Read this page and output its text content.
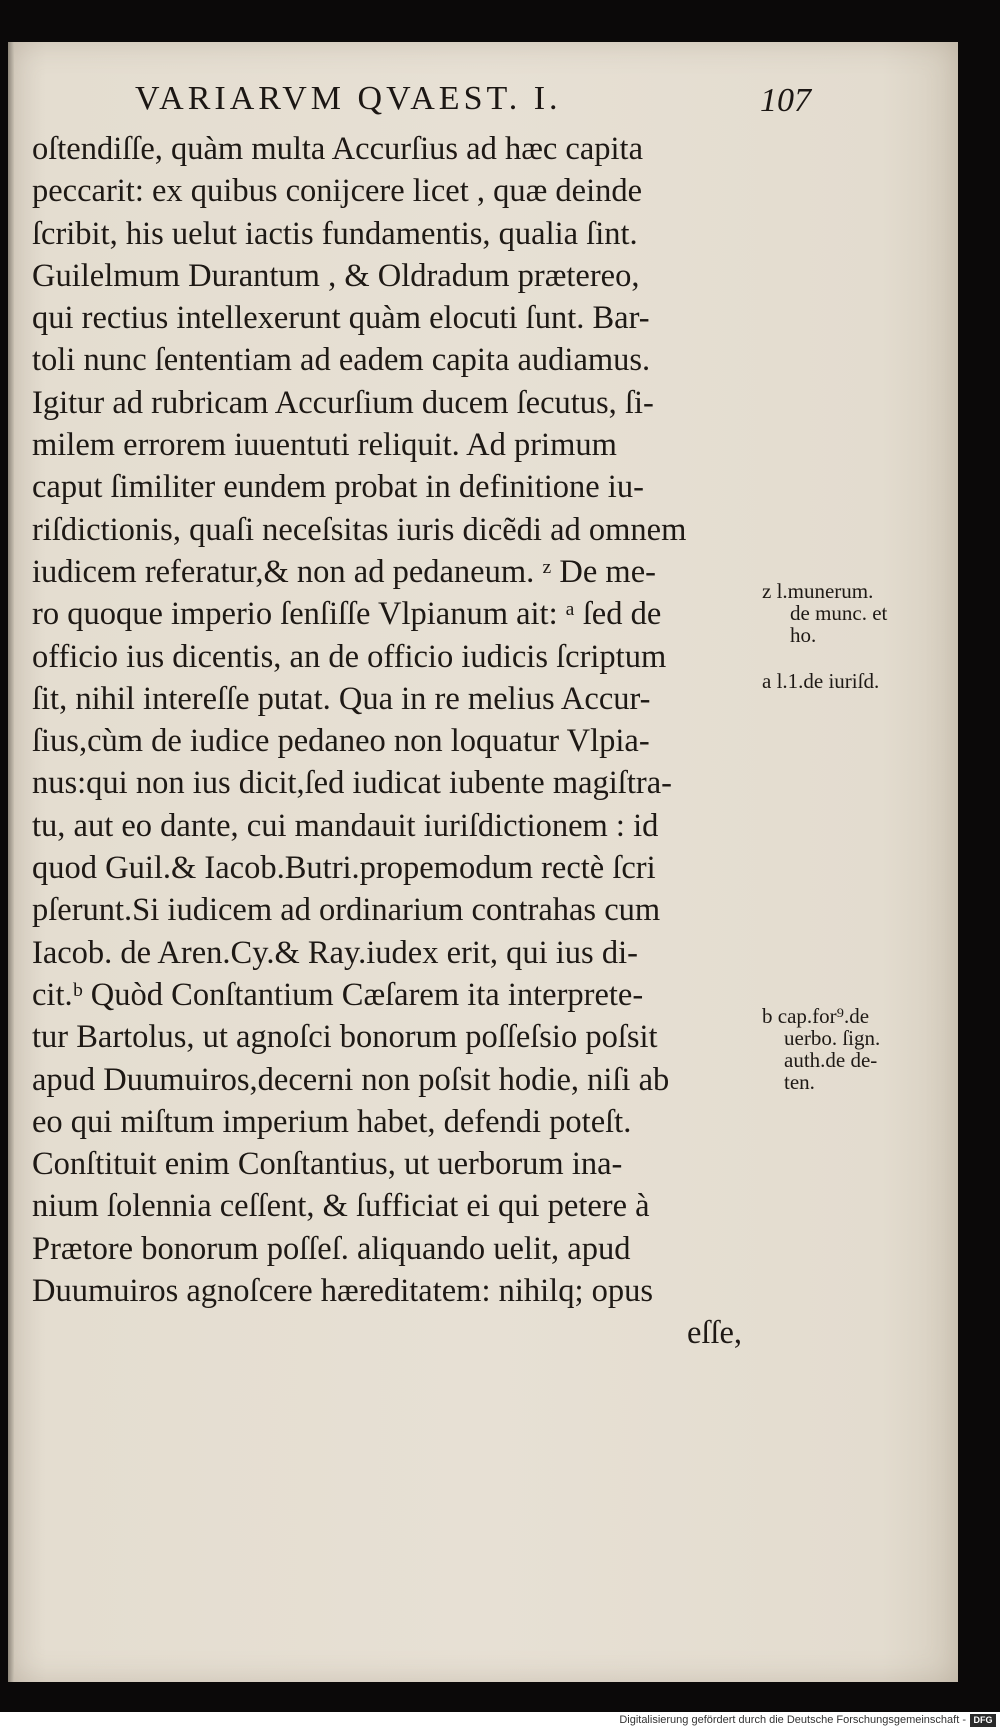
VARIARVM QVAEST. I.	107
oſtendiſſe, quàm multa Accurſius ad hæc capita
peccarit: ex quibus conijcere licet , quæ deinde
ſcribit, his uelut iactis fundamentis, qualia ſint.
Guilelmum Durantum , & Oldradum prætereo,
qui rectius intellexerunt quàm elocuti ſunt. Bar-
toli nunc ſententiam ad eadem capita audiamus.
Igitur ad rubricam Accurſium ducem ſecutus, ſi-
milem errorem iuuentuti reliquit. Ad primum
caput ſimiliter eundem probat in definitione iu-
riſdictionis, quaſi neceſsitas iuris dicẽdi ad omnem
iudicem referatur,& non ad pedaneum. ᶻ De me-
ro quoque imperio ſenſiſſe Vlpianum ait: ᵃ ſed de
officio ius dicentis, an de officio iudicis ſcriptum
ſit, nihil intereſſe putat. Qua in re melius Accur-
ſius,cùm de iudice pedaneo non loquatur Vlpia-
nus:qui non ius dicit,ſed iudicat iubente magiſtra-
tu, aut eo dante, cui mandauit iuriſdictionem : id
quod Guil.& Iacob.Butri.propemodum rectè ſcri
pſerunt.Si iudicem ad ordinarium contrahas cum
Iacob. de Aren.Cy.& Ray.iudex erit, qui ius di-
cit.ᵇ Quòd Conſtantium Cæſarem ita interprete-
tur Bartolus, ut agnoſci bonorum poſſeſsio poſsit
apud Duumuiros,decerni non poſsit hodie, niſi ab
eo qui miſtum imperium habet, defendi poteſt.
Conſtituit enim Conſtantius, ut uerborum ina-
nium ſolennia ceſſent, & ſufficiat ei qui petere à
Prætore bonorum poſſeſ. aliquando uelit, apud
Duumuiros agnoſcere hæreditatem: nihilq; opus
eſſe,
z l.munerum.
de munc. et
ho.
a l.1.de iuriſd.
b cap.for⁹.de
uerbo. ſign.
auth.de de-
ten.
Digitalisierung gefördert durch die Deutsche Forschungsgemeinschaft - DFG
